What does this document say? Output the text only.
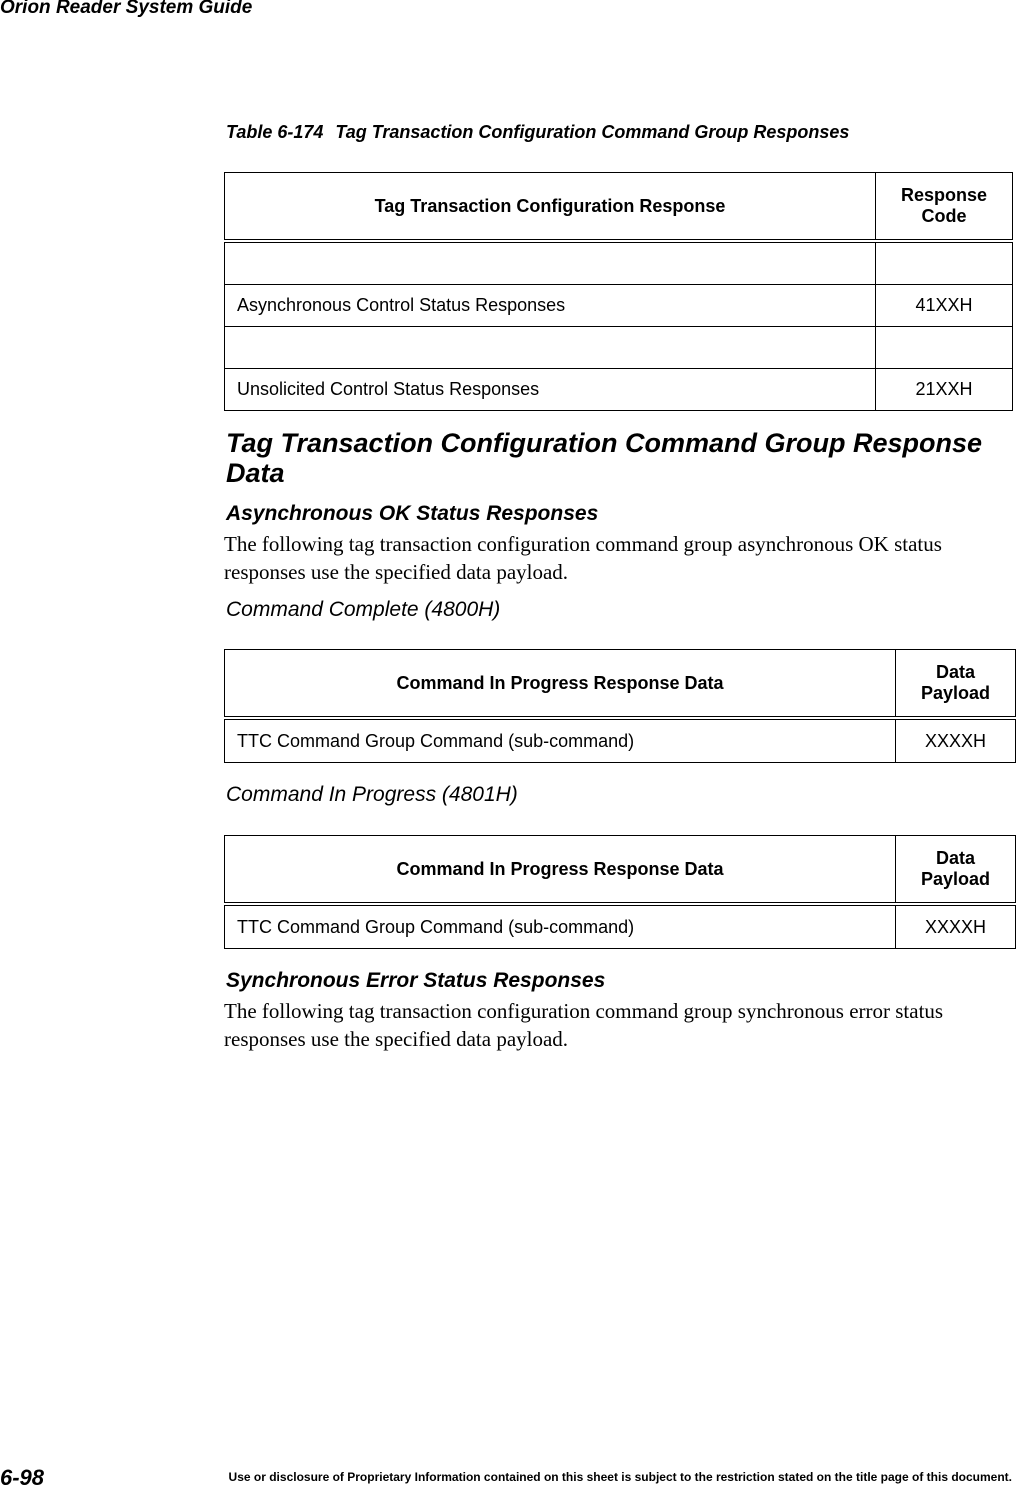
Orion Reader System Guide
Table 6-174 Tag Transaction Configuration Command Group Responses
Tag Transaction Configuration Response	Response Code

Asynchronous Control Status Responses	41XXH

Unsolicited Control Status Responses	21XXH
Tag Transaction Configuration Command Group Response Data
Asynchronous OK Status Responses

The following tag transaction configuration command group asynchronous OK status responses use the specified data payload.

Command Complete (4800H)
Command In Progress Response Data	Data Payload
TTC Command Group Command (sub-command)	XXXXH
Command In Progress (4801H)
Command In Progress Response Data	Data Payload
TTC Command Group Command (sub-command)	XXXXH
Synchronous Error Status Responses

The following tag transaction configuration command group synchronous error status responses use the specified data payload.

6-98	Use or disclosure of Proprietary Information contained on this sheet is subject to the restriction stated on the title page of this document.
